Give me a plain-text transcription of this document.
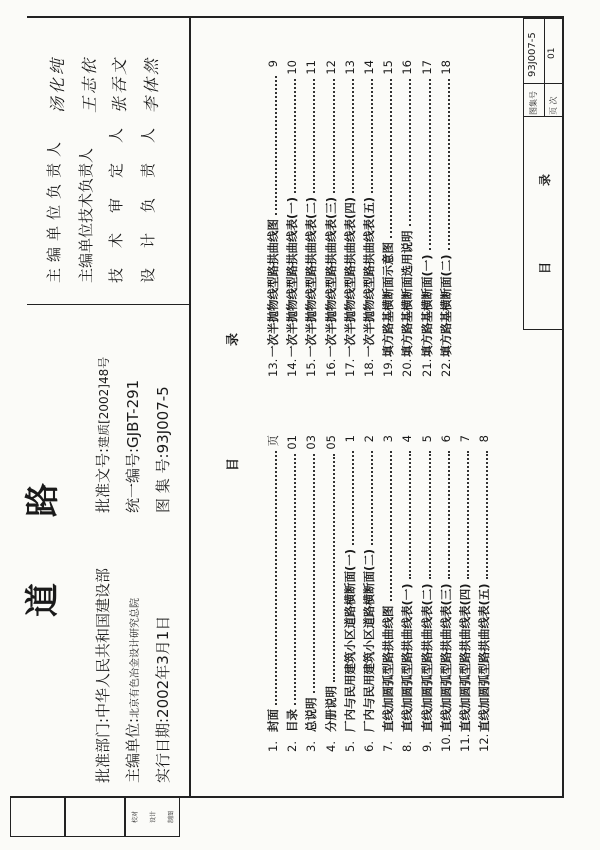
道
路
批准部门:中华人民共和国建设部
批准文号:建质[2002]48号
主编单位:北京有色冶金设计研究总院
统一编号:GJBT-291
实行日期:2002年3月1日
图 集 号:93J007-5
主编单位负责人
汤化纯
主编单位技术负责人
王志依
技术审定人
张吞文
设计负责人
李体然
校对	设计	制图
目
录
1.
封面
页
2.
目录
01
3.
总说明
03
4.
分册说明
05
5.
厂内与民用建筑小区道路横断面(一)
1
6.
厂内与民用建筑小区道路横断面(二)
2
7.
直线加圆弧型路拱曲线图
3
8.
直线加圆弧型路拱曲线表(一)
4
9.
直线加圆弧型路拱曲线表(二)
5
10.
直线加圆弧型路拱曲线表(三)
6
11.
直线加圆弧型路拱曲线表(四)
7
12.
直线加圆弧型路拱曲线表(五)
8
13.
一次半抛物线型路拱曲线图
9
14.
一次半抛物线型路拱曲线表(一)
10
15.
一次半抛物线型路拱曲线表(二)
11
16.
一次半抛物线型路拱曲线表(三)
12
17.
一次半抛物线型路拱曲线表(四)
13
18.
一次半抛物线型路拱曲线表(五)
14
19.
填方路基横断面示意图
15
20.
填方路基横断面选用说明
16
21.
填方路基横断面(一)
17
22.
填方路基横断面(二)
18
目
录
图集号 页 次
93J007-5 01
